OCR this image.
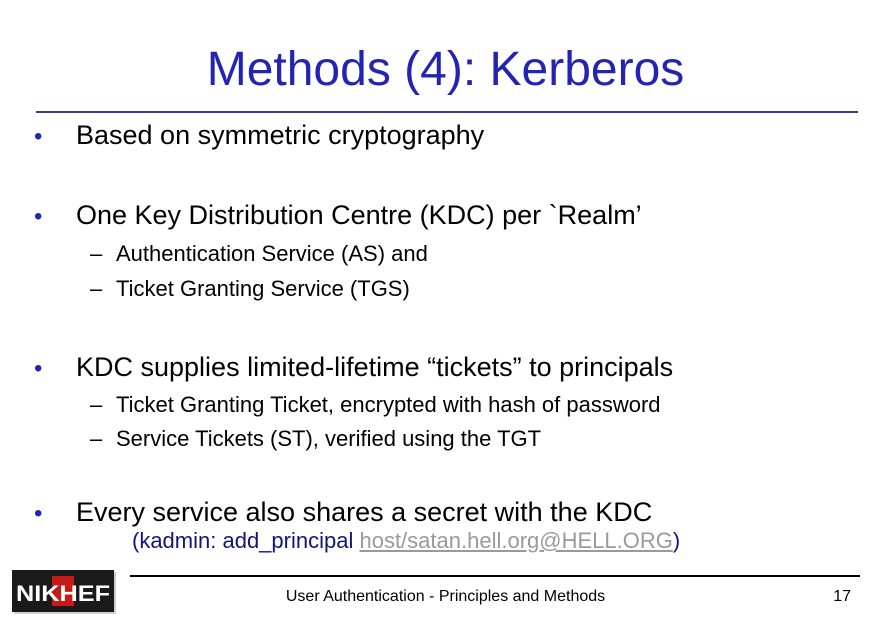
Methods (4): Kerberos
• Based on symmetric cryptography
• One Key Distribution Centre (KDC) per `Realm’
– Authentication Service (AS) and
– Ticket Granting Service (TGS)
• KDC supplies limited-lifetime “tickets” to principals
– Ticket Granting Ticket, encrypted with hash of password
– Service Tickets (ST), verified using the TGT
• Every service also shares a secret with the KDC
(kadmin: add_principal host/satan.hell.org@HELL.ORG)
NIKHEF	User Authentication - Principles and Methods	17
